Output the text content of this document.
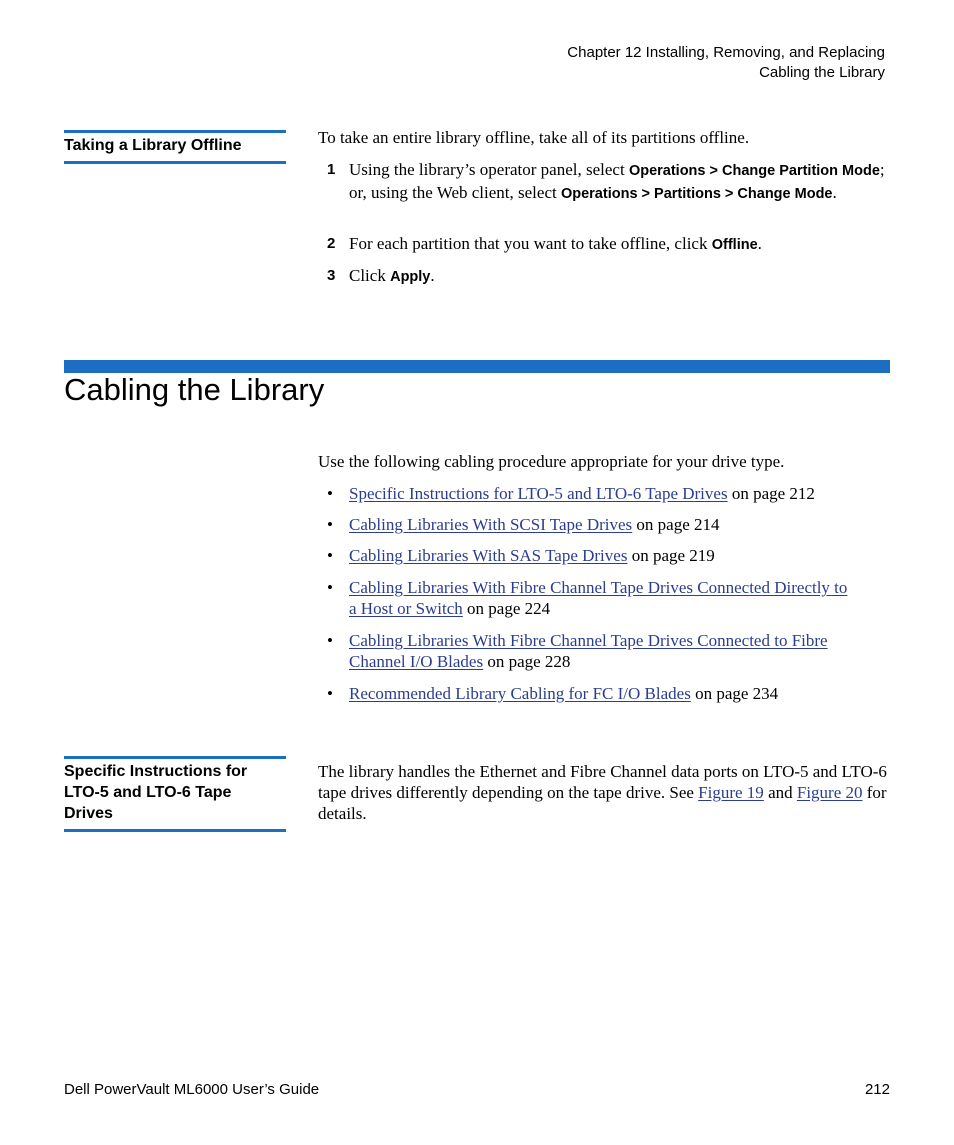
Chapter 12 Installing, Removing, and Replacing
Cabling the Library
Taking a Library Offline	To take an entire library offline, take all of its partitions offline.
1 Using the library’s operator panel, select Operations > Change Partition Mode; or, using the Web client, select Operations > Partitions > Change Mode.
2 For each partition that you want to take offline, click Offline.
3 Click Apply.
Cabling the Library
Use the following cabling procedure appropriate for your drive type.
• Specific Instructions for LTO-5 and LTO-6 Tape Drives on page 212
• Cabling Libraries With SCSI Tape Drives on page 214
• Cabling Libraries With SAS Tape Drives on page 219
• Cabling Libraries With Fibre Channel Tape Drives Connected Directly to a Host or Switch on page 224
• Cabling Libraries With Fibre Channel Tape Drives Connected to Fibre Channel I/O Blades on page 228
• Recommended Library Cabling for FC I/O Blades on page 234
Specific Instructions for LTO-5 and LTO-6 Tape Drives
The library handles the Ethernet and Fibre Channel data ports on LTO-5 and LTO-6 tape drives differently depending on the tape drive. See Figure 19 and Figure 20 for details.
Dell PowerVault ML6000 User’s Guide	212
